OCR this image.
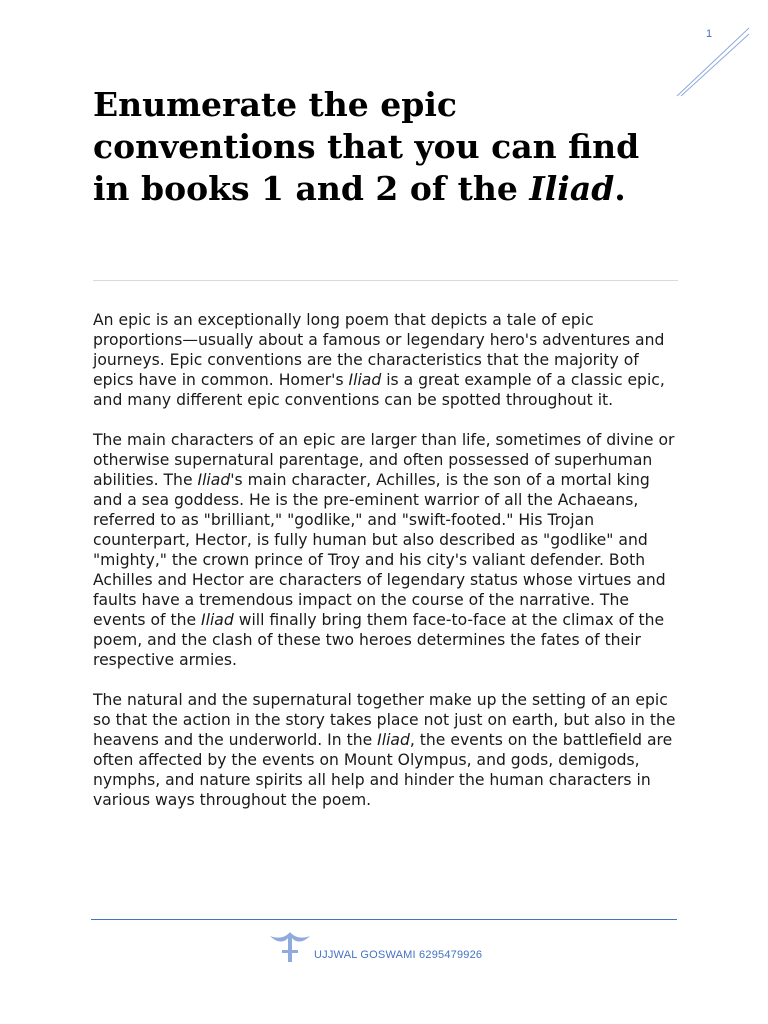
1
Enumerate the epic conventions that you can find in books 1 and 2 of the Iliad.

An epic is an exceptionally long poem that depicts a tale of epic proportions—usually about a famous or legendary hero's adventures and journeys. Epic conventions are the characteristics that the majority of epics have in common. Homer's Iliad is a great example of a classic epic, and many different epic conventions can be spotted throughout it.

The main characters of an epic are larger than life, sometimes of divine or otherwise supernatural parentage, and often possessed of superhuman abilities. The Iliad's main character, Achilles, is the son of a mortal king and a sea goddess. He is the pre-eminent warrior of all the Achaeans, referred to as "brilliant," "godlike," and "swift-footed." His Trojan counterpart, Hector, is fully human but also described as "godlike" and "mighty," the crown prince of Troy and his city's valiant defender. Both Achilles and Hector are characters of legendary status whose virtues and faults have a tremendous impact on the course of the narrative. The events of the Iliad will finally bring them face-to-face at the climax of the poem, and the clash of these two heroes determines the fates of their respective armies.

The natural and the supernatural together make up the setting of an epic so that the action in the story takes place not just on earth, but also in the heavens and the underworld. In the Iliad, the events on the battlefield are often affected by the events on Mount Olympus, and gods, demigods, nymphs, and nature spirits all help and hinder the human characters in various ways throughout the poem.

UJJWAL GOSWAMI 6295479926
